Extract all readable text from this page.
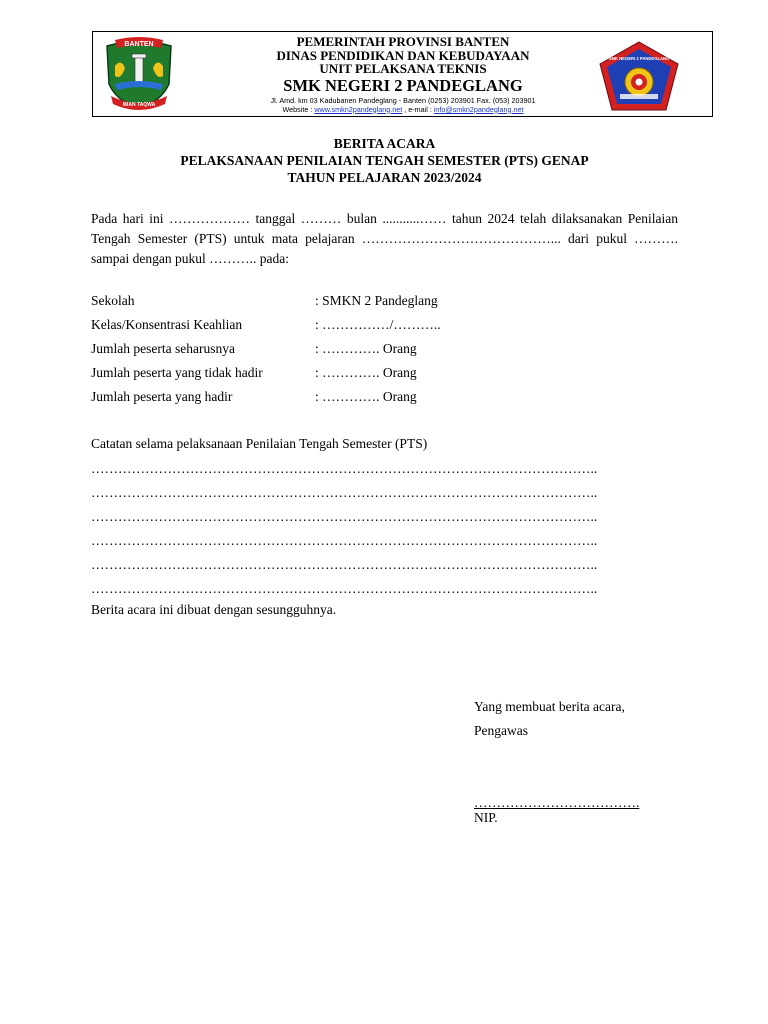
BANTEN
IMAN TAQWA
PEMERINTAH PROVINSI BANTEN
DINAS PENDIDIKAN DAN KEBUDAYAAN
UNIT PELAKSANA TEKNIS
SMK NEGERI 2 PANDEGLANG
Jl. Amd. km 03 Kadubanen Pandeglang - Banten (0253) 203901 Fax. (053) 203901
Website : www.smkn2pandeglang.net , e-mail : info@smkn2pandeglang.net
SMK NEGERI 2 PANDEGLANG
BERITA ACARA
PELAKSANAAN PENILAIAN TENGAH SEMESTER (PTS) GENAP
TAHUN PELAJARAN 2023/2024
Pada hari ini ……………… tanggal ……… bulan ...........…… tahun 2024 telah dilaksanakan Penilaian Tengah Semester (PTS) untuk mata pelajaran ……………………………………... dari pukul ………. sampai dengan pukul ……….. pada:
Sekolah	: SMKN 2 Pandeglang
Kelas/Konsentrasi Keahlian	: ……………/………..
Jumlah peserta seharusnya	: …………. Orang
Jumlah peserta yang tidak hadir	: …………. Orang
Jumlah peserta yang hadir	: …………. Orang
Catatan selama pelaksanaan Penilaian Tengah Semester (PTS)
…………………………………………………………………………………………………..
…………………………………………………………………………………………………..
…………………………………………………………………………………………………..
…………………………………………………………………………………………………..
…………………………………………………………………………………………………..
…………………………………………………………………………………………………..
Berita acara ini dibuat dengan sesungguhnya.
Yang membuat berita acara,
Pengawas
……………………………….
NIP.
